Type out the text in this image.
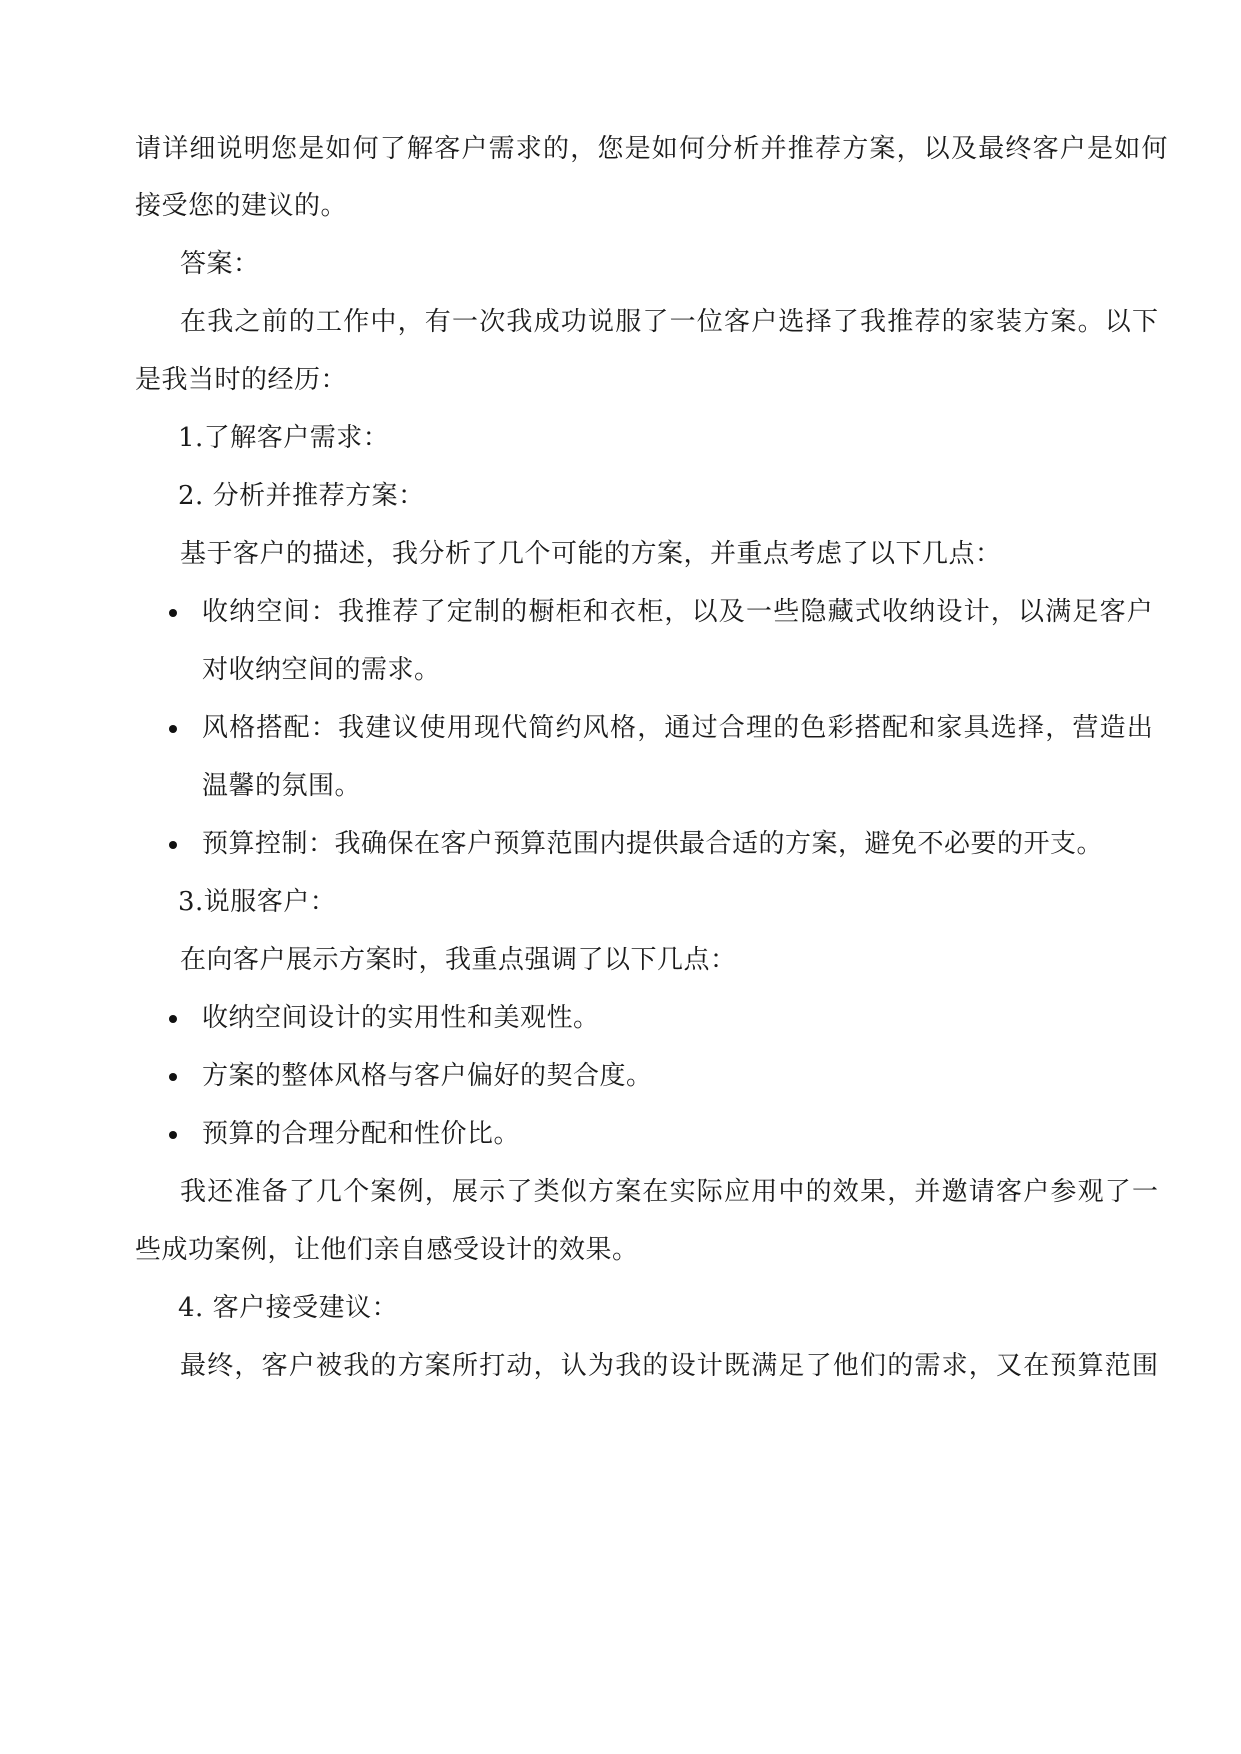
请详细说明您是如何了解客户需求的，您是如何分析并推荐方案，以及最终客户是如何
接受您的建议的。
答案：
在我之前的工作中，有一次我成功说服了一位客户选择了我推荐的家装方案。以下
是我当时的经历：
1.了解客户需求：
2. 分析并推荐方案：
基于客户的描述，我分析了几个可能的方案，并重点考虑了以下几点：
收纳空间：我推荐了定制的橱柜和衣柜，以及一些隐藏式收纳设计，以满足客户
对收纳空间的需求。
风格搭配：我建议使用现代简约风格，通过合理的色彩搭配和家具选择，营造出
温馨的氛围。
预算控制：我确保在客户预算范围内提供最合适的方案，避免不必要的开支。
3.说服客户：
在向客户展示方案时，我重点强调了以下几点：
收纳空间设计的实用性和美观性。
方案的整体风格与客户偏好的契合度。
预算的合理分配和性价比。
我还准备了几个案例，展示了类似方案在实际应用中的效果，并邀请客户参观了一
些成功案例，让他们亲自感受设计的效果。
4. 客户接受建议：
最终，客户被我的方案所打动，认为我的设计既满足了他们的需求，又在预算范围
